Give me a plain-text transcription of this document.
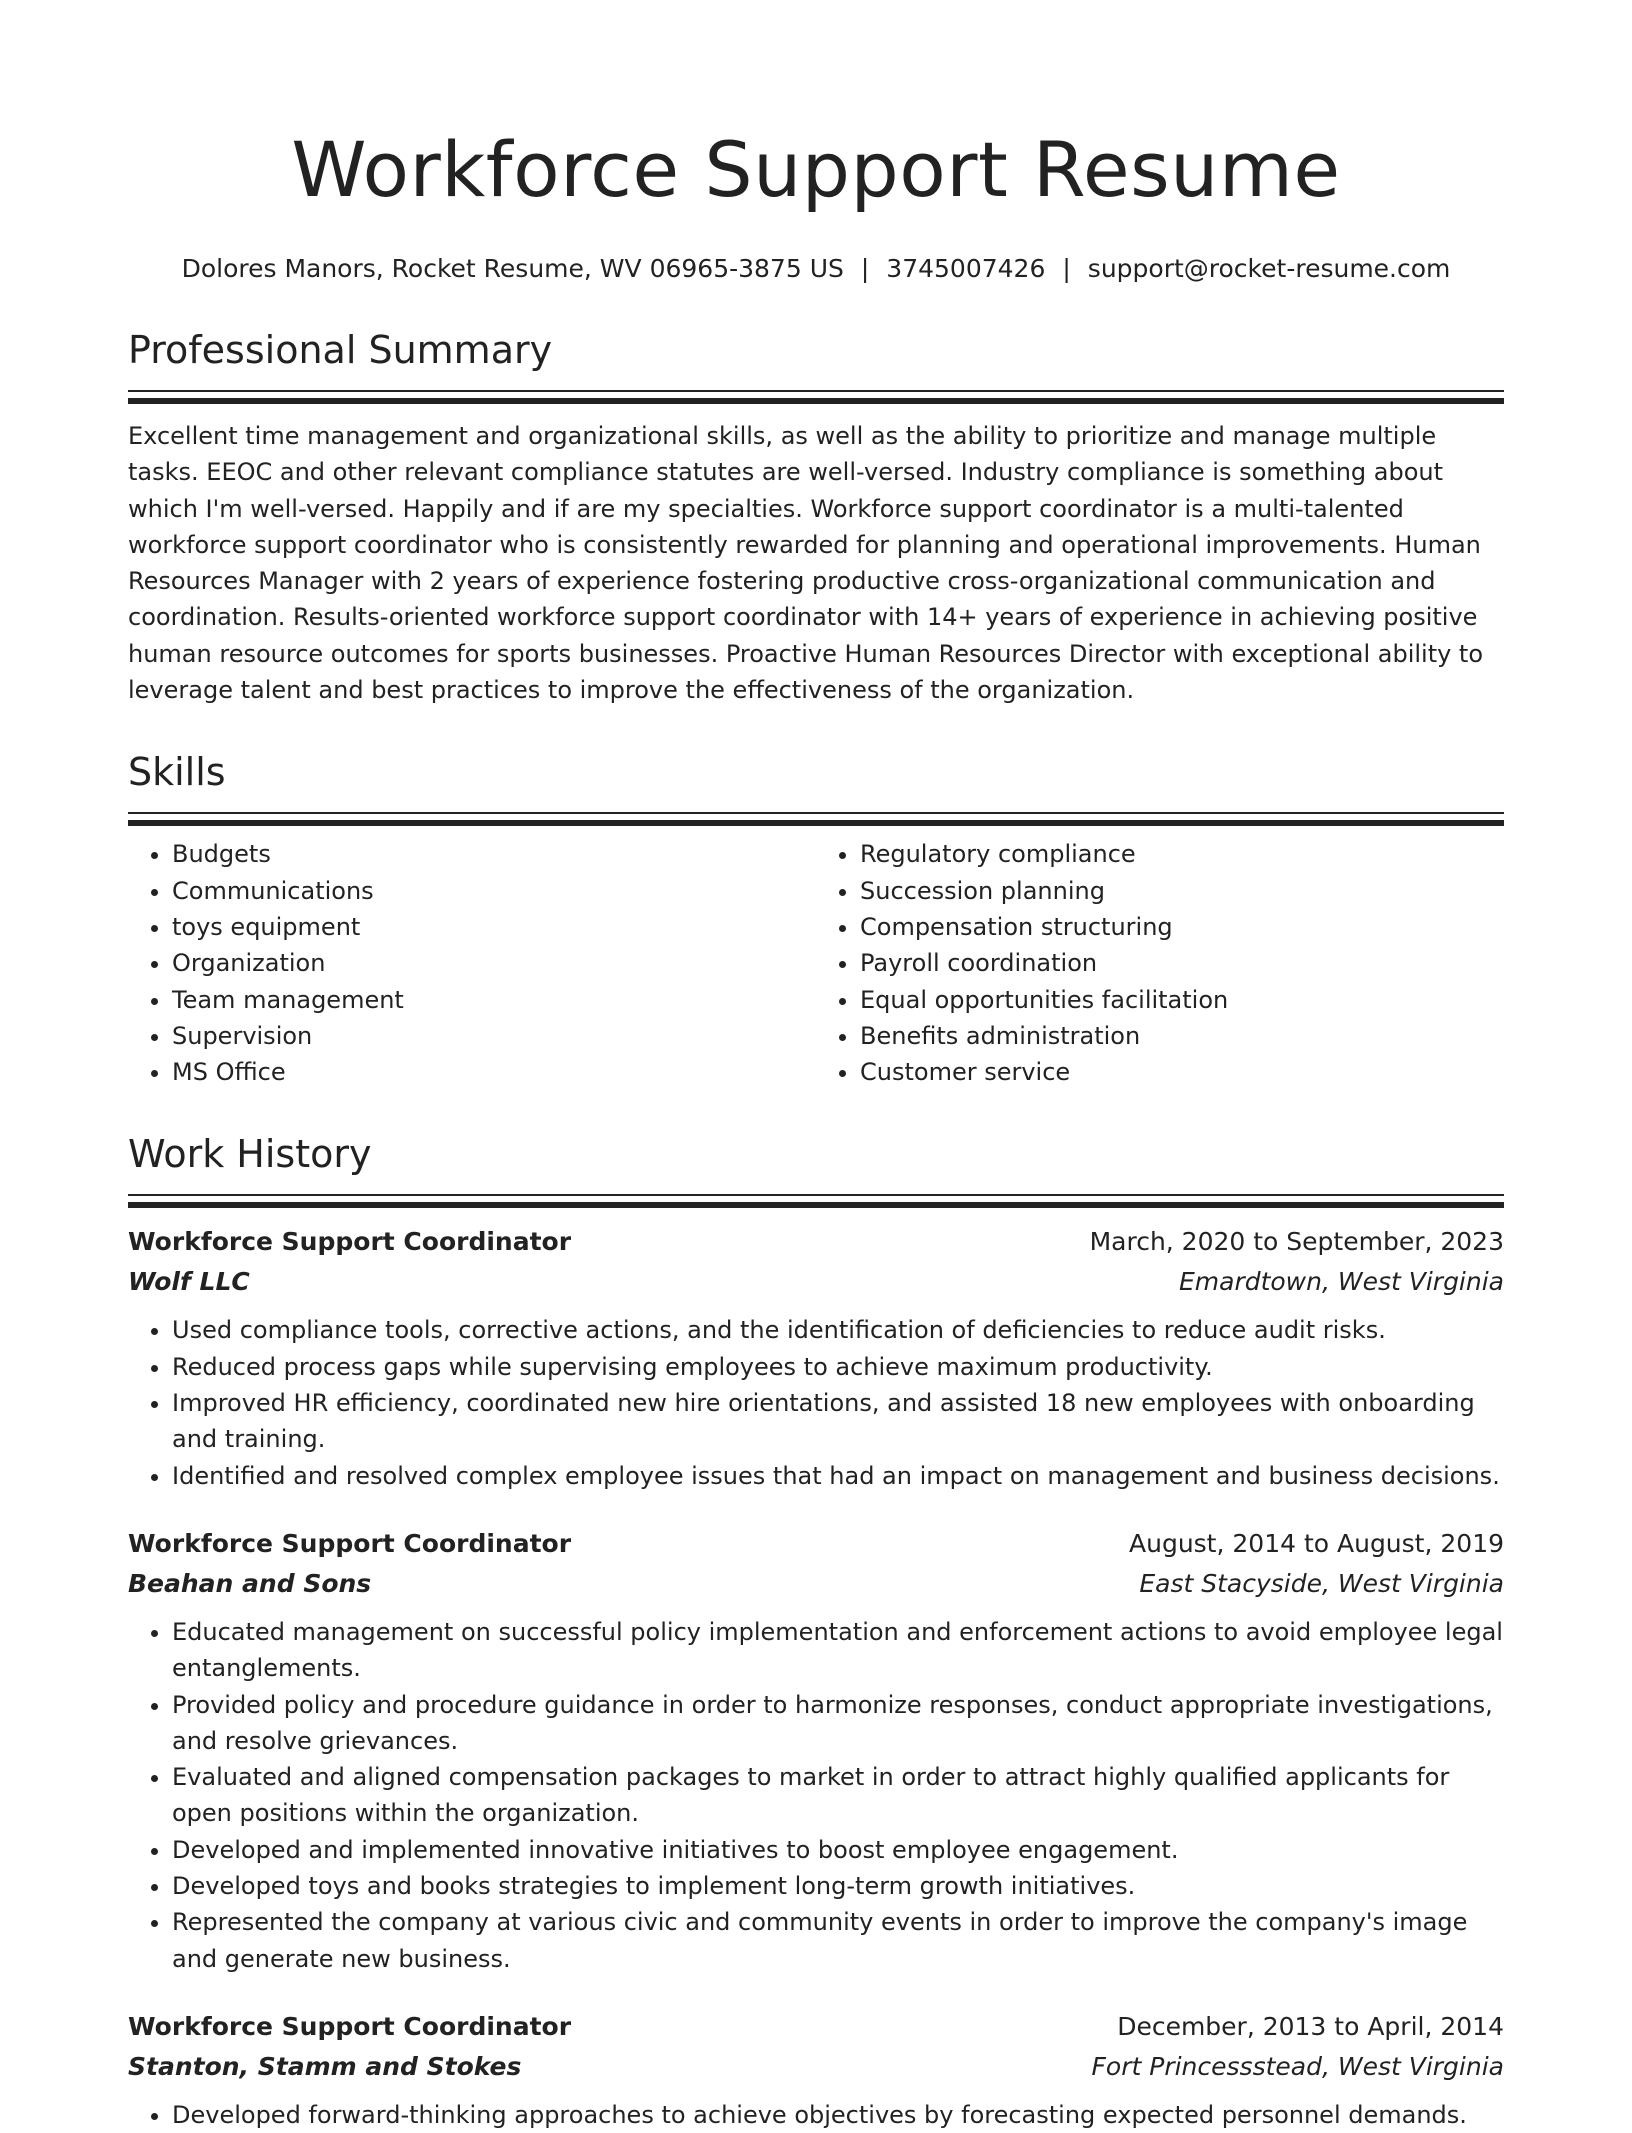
Workforce Support Resume
Dolores Manors, Rocket Resume, WV 06965-3875 US | 3745007426 | support@rocket-resume.com
Professional Summary
Excellent time management and organizational skills, as well as the ability to prioritize and manage multiple tasks. EEOC and other relevant compliance statutes are well-versed. Industry compliance is something about which I'm well-versed. Happily and if are my specialties. Workforce support coordinator is a multi-talented workforce support coordinator who is consistently rewarded for planning and operational improvements. Human Resources Manager with 2 years of experience fostering productive cross-organizational communication and coordination. Results-oriented workforce support coordinator with 14+ years of experience in achieving positive human resource outcomes for sports businesses. Proactive Human Resources Director with exceptional ability to leverage talent and best practices to improve the effectiveness of the organization.
Skills
• Budgets
• Communications
• toys equipment
• Organization
• Team management
• Supervision
• MS Office
• Regulatory compliance
• Succession planning
• Compensation structuring
• Payroll coordination
• Equal opportunities facilitation
• Benefits administration
• Customer service
Work History
Workforce Support Coordinator	March, 2020 to September, 2023
Wolf LLC	Emardtown, West Virginia
• Used compliance tools, corrective actions, and the identification of deficiencies to reduce audit risks.
• Reduced process gaps while supervising employees to achieve maximum productivity.
• Improved HR efficiency, coordinated new hire orientations, and assisted 18 new employees with onboarding and training.
• Identified and resolved complex employee issues that had an impact on management and business decisions.
Workforce Support Coordinator	August, 2014 to August, 2019
Beahan and Sons	East Stacyside, West Virginia
• Educated management on successful policy implementation and enforcement actions to avoid employee legal entanglements.
• Provided policy and procedure guidance in order to harmonize responses, conduct appropriate investigations, and resolve grievances.
• Evaluated and aligned compensation packages to market in order to attract highly qualified applicants for open positions within the organization.
• Developed and implemented innovative initiatives to boost employee engagement.
• Developed toys and books strategies to implement long-term growth initiatives.
• Represented the company at various civic and community events in order to improve the company's image and generate new business.
Workforce Support Coordinator	December, 2013 to April, 2014
Stanton, Stamm and Stokes	Fort Princessstead, West Virginia
• Developed forward-thinking approaches to achieve objectives by forecasting expected personnel demands.
